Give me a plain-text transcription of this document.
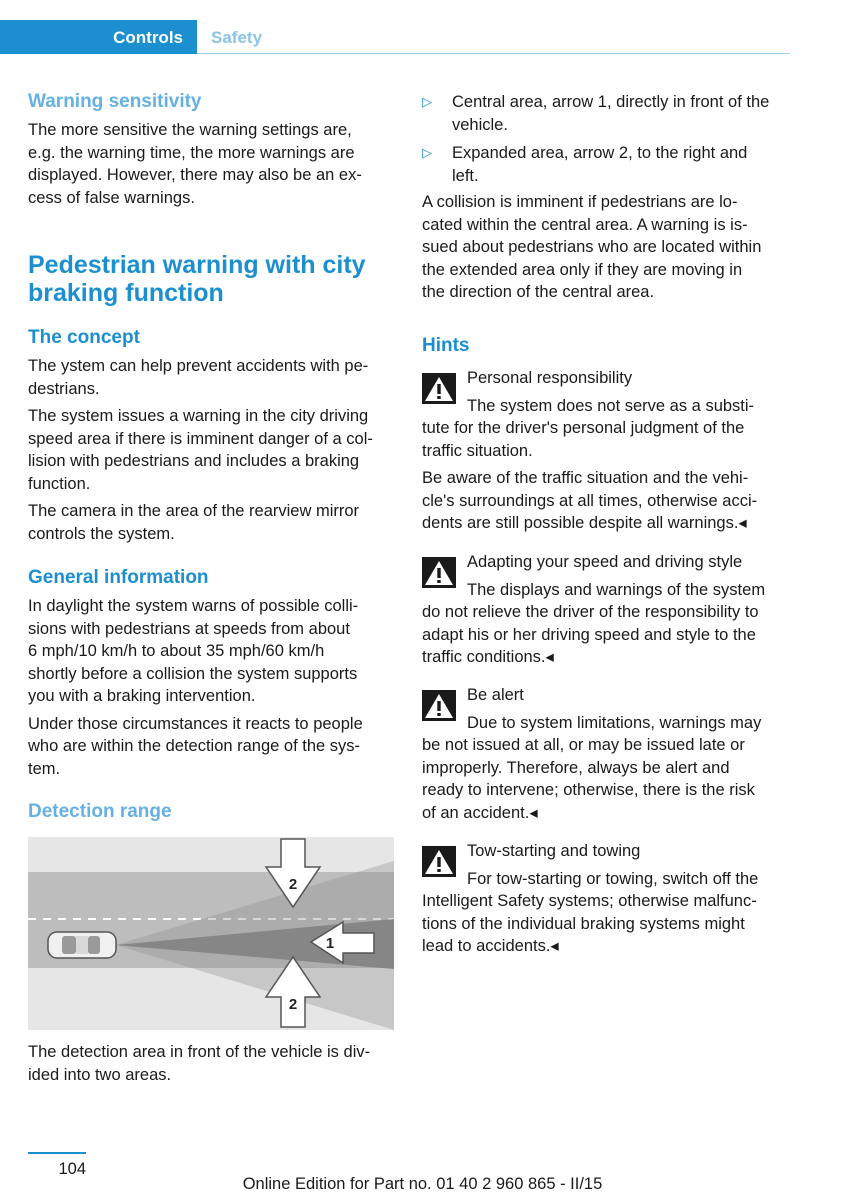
Controls	Safety
Warning sensitivity

The more sensitive the warning settings are,

e.g. the warning time, the more warnings are

displayed. However, there may also be an ex-

cess of false warnings.

Pedestrian warning with city
braking function
The concept

The ystem can help prevent accidents with pe-

destrians.

The system issues a warning in the city driving

speed area if there is imminent danger of a col-

lision with pedestrians and includes a braking

function.

The camera in the area of the rearview mirror

controls the system.

General information

In daylight the system warns of possible colli-

sions with pedestrians at speeds from about

6 mph/10 km/h to about 35 mph/60 km/h

shortly before a collision the system supports

you with a braking intervention.

Under those circumstances it reacts to people

who are within the detection range of the sys-

tem.

Detection range

The detection area in front of the vehicle is div-

ided into two areas.

2
1
2
▷ Central area, arrow 1, directly in front of the

vehicle.

▷ Expanded area, arrow 2, to the right and

left.

A collision is imminent if pedestrians are lo-

cated within the central area. A warning is is-

sued about pedestrians who are located within

the extended area only if they are moving in

the direction of the central area.

Hints

Personal responsibility

The system does not serve as a substi-

tute for the driver's personal judgment of the

traffic situation.

Be aware of the traffic situation and the vehi-

cle's surroundings at all times, otherwise acci-

dents are still possible despite all warnings.◂

Adapting your speed and driving style

The displays and warnings of the system

do not relieve the driver of the responsibility to

adapt his or her driving speed and style to the

traffic conditions.◂

Be alert

Due to system limitations, warnings may

be not issued at all, or may be issued late or

improperly. Therefore, always be alert and

ready to intervene; otherwise, there is the risk

of an accident.◂

Tow-starting and towing

For tow-starting or towing, switch off the

Intelligent Safety systems; otherwise malfunc-

tions of the individual braking systems might

lead to accidents.◂

104
Online Edition for Part no. 01 40 2 960 865 - II/15
